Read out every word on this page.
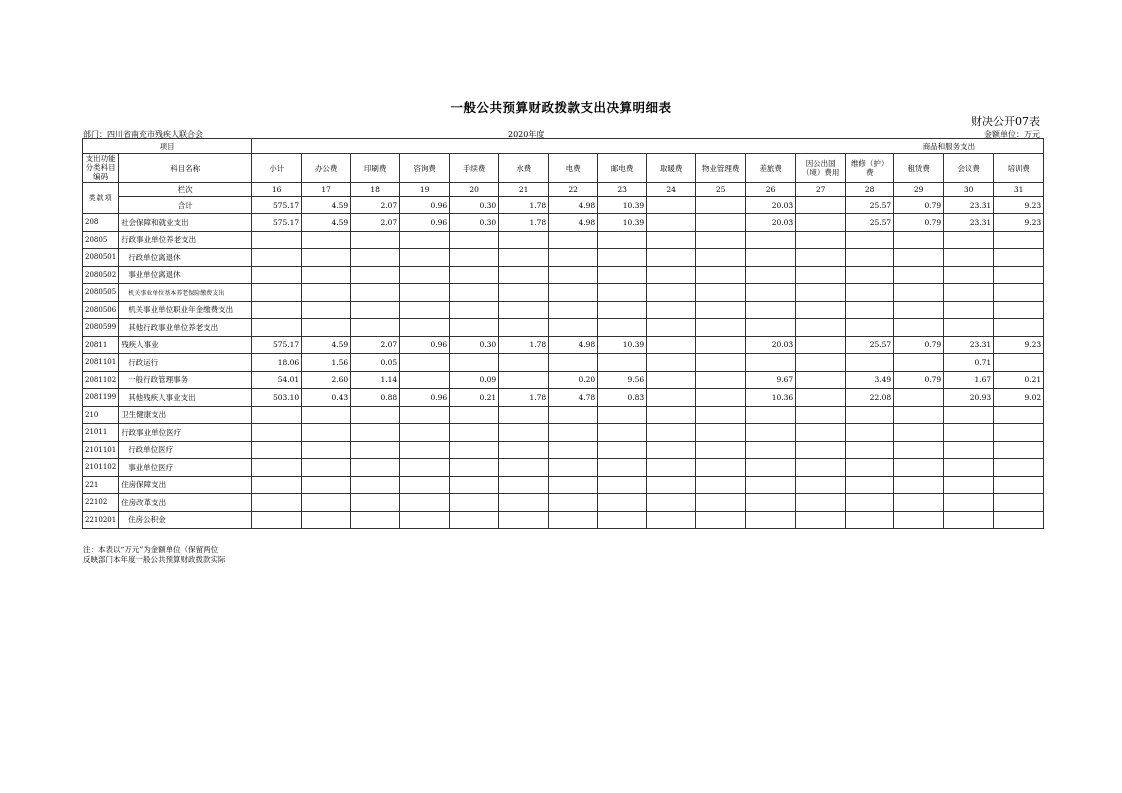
一般公共预算财政拨款支出决算明细表
财决公开07表
部门：四川省南充市残疾人联合会	2020年度	金额单位：万元
项目		商品和服务支出															
支出功能分类科目编码	科目名称	小计	办公费	印刷费	咨询费	手续费	水费	电费	邮电费	取暖费	物业管理费	差旅费	因公出国（境）费用	维修（护）费	租赁费	会议费	培训费
类款项	栏次	16	17	18	19	20	21	22	23	24	25	26	27	28	29	30	31
	合计	575.17	4.59	2.07	0.96	0.30	1.78	4.98	10.39			20.03		25.57	0.79	23.31	9.23
208	社会保障和就业支出	575.17	4.59	2.07	0.96	0.30	1.78	4.98	10.39			20.03		25.57	0.79	23.31	9.23
20805	行政事业单位养老支出																
2080501	行政单位离退休																
2080502	事业单位离退休																
2080505	机关事业单位基本养老保险缴费支出																
2080506	机关事业单位职业年金缴费支出																
2080599	其他行政事业单位养老支出																
20811	残疾人事业	575.17	4.59	2.07	0.96	0.30	1.78	4.98	10.39			20.03		25.57	0.79	23.31	9.23
2081101	行政运行	18.06	1.56	0.05												0.71	
2081102	一般行政管理事务	54.01	2.60	1.14		0.09		0.20	9.56			9.67		3.49	0.79	1.67	0.21
2081199	其他残疾人事业支出	503.10	0.43	0.88	0.96	0.21	1.78	4.78	0.83			10.36		22.08		20.93	9.02
210	卫生健康支出																
21011	行政事业单位医疗																
2101101	行政单位医疗																
2101102	事业单位医疗																
221	住房保障支出																
22102	住房改革支出																
2210201	住房公积金																
注：本表以“万元”为金额单位（保留两位
反映部门本年度一般公共预算财政拨款实际
